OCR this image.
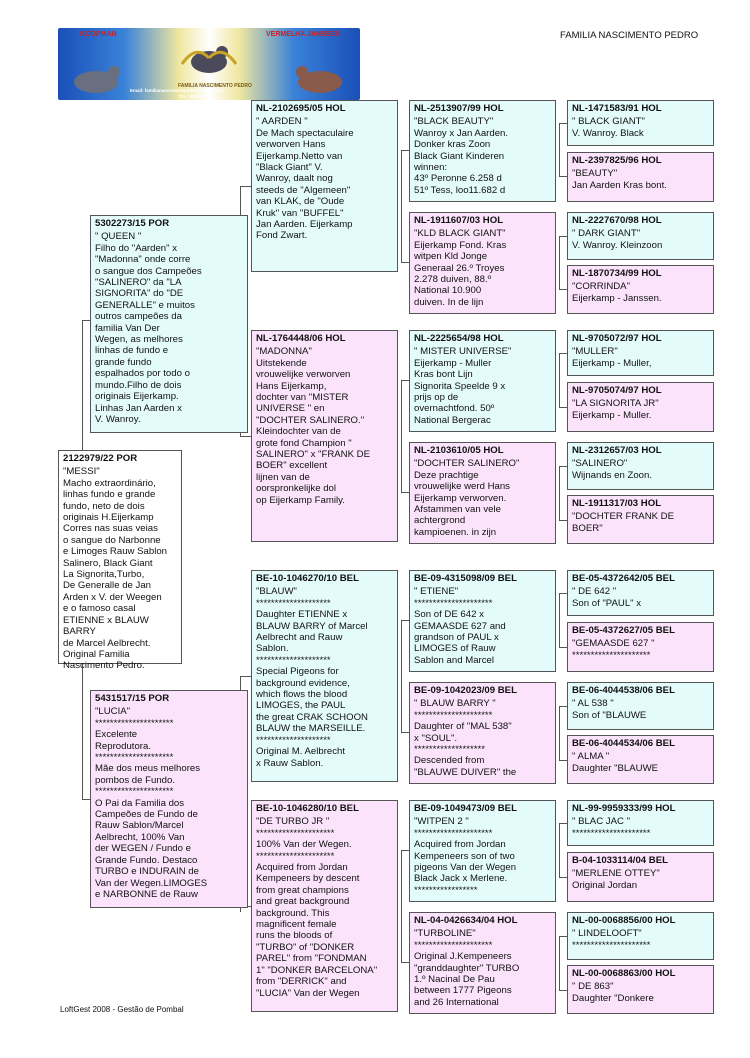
KOOPMAN	VERMELHA JANSSEN
FAMILIA NASCIMENTO PEDRO
Email: familianascimentopedro@gmail.com
TEL: 939 457 672
FAMILIA NASCIMENTO PEDRO
2122979/22 POR
"MESSI"
Macho extraordinário,
linhas fundo e grande
fundo, neto de dois
originais H.Eijerkamp
Corres nas suas veias
o sangue do Narbonne
e Limoges Rauw Sablon
Salinero, Black Giant
La Signorita,Turbo,
De Generalle de Jan
Arden x V. der Weegen
e o famoso casal
ETIENNE x BLAUW BARRY
de Marcel Aelbrecht.
Original Familia
Nascimento Pedro.
5302273/15 POR
" QUEEN "
Filho do "Aarden" x
"Madonna" onde corre
o sangue dos Campeões
"SALINERO" da "LA
SIGNORITA" do "DE
GENERALLE" e muitos
outros campeões da
familia Van Der
Wegen, as melhores
linhas de fundo e
grande fundo
espalhados por todo o
mundo.Filho de dois
originais Eijerkamp.
Linhas Jan Aarden x
V. Wanroy.
5431517/15 POR
"LUCIA"
*********************
Excelente
Reprodutora.
*********************
Mãe dos meus melhores
pombos de Fundo.
*********************
O Pai da Familia dos
Campeões de Fundo de
Rauw Sablon/Marcel
Aelbrecht, 100% Van
der WEGEN / Fundo e
Grande Fundo. Destaco
TURBO e INDURAIN de
Van der Wegen.LIMOGES
e NARBONNE de Rauw
NL-2102695/05 HOL
" AARDEN "
De Mach spectaculaire
verworven Hans
Eijerkamp.Netto van
"Black Giant" V.
Wanroy, daalt nog
steeds de "Algemeen"
van KLAK, de "Oude
Kruk" van "BUFFEL"
Jan Aarden. Eijerkamp
Fond Zwart.
NL-1764448/06 HOL
"MADONNA"
Uitstekende
vrouwelijke verworven
Hans Eijerkamp,
dochter van "MISTER
UNIVERSE " en
"DOCHTER SALINERO."
Kleindochter van de
grote fond Champion "
SALINERO" x "FRANK DE
BOER" excellent
lijnen van de
oorspronkelijke dol
op Eijerkamp Family.
BE-10-1046270/10 BEL
"BLAUW"
********************
Daughter ETIENNE x
BLAUW BARRY of Marcel
Aelbrecht and Rauw
Sablon.
********************
Special Pigeons for
background evidence,
which flows the blood
LIMOGES, the PAUL
the great CRAK SCHOON
BLAUW the MARSEILLE.
********************
Original M. Aelbrecht
x Rauw Sablon.
BE-10-1046280/10 BEL
"DE TURBO JR "
*********************
100% Van der Wegen.
*********************
Acquired from Jordan
Kempeneers by descent
from great champions
and great background
background. This
magnificent female
runs the bloods of
"TURBO" of "DONKER
PAREL" from "FONDMAN
1" "DONKER BARCELONA"
from "DERRICK" and
"LUCIA" Van der Wegen
NL-2513907/99 HOL
"BLACK BEAUTY"
Wanroy x Jan Aarden.
Donker kras Zoon
Black Giant Kinderen
winnen:
43º Peronne 6.258 d
51º Tess, loo11.682 d
NL-1911607/03 HOL
"KLD BLACK GIANT"
Eijerkamp Fond. Kras
witpen Kld Jonge
Generaal 26.º Troyes
2.278 duiven, 88.º
National 10.900
duiven. In de lijn
NL-2225654/98 HOL
" MISTER UNIVERSE"
Eijerkamp - Muller
Kras bont Lijn
Signorita Speelde 9 x
prijs op de
overnachtfond. 50º
National Bergerac
NL-2103610/05 HOL
"DOCHTER SALINERO"
Deze prachtige
vrouwelijke werd Hans
Eijerkamp verworven.
Afstammen van vele
achtergrond
kampioenen. in zijn
BE-09-4315098/09 BEL
" ETIENE"
*********************
Son of DE 642 x
GEMAASDE 627 and
grandson of PAUL x
LIMOGES of Rauw
Sablon and Marcel
BE-09-1042023/09 BEL
" BLAUW BARRY "
*********************
Daughter of "MAL 538"
x "SOUL".
*******************
Descended from
"BLAUWE DUIVER" the
BE-09-1049473/09 BEL
"WITPEN 2 "
*********************
Acquired from Jordan
Kempeneers son of two
pigeons Van der Wegen
Black Jack x Merlene.
*****************
NL-04-0426634/04 HOL
"TURBOLINE"
*********************
Original J.Kempeneers
"granddaughter" TURBO
1.º Nacinal De Pau
between 1777 Pigeons
and 26 International
NL-1471583/91 HOL
" BLACK GIANT"
V. Wanroy. Black
NL-2397825/96 HOL
"BEAUTY"
Jan Aarden Kras bont.
NL-2227670/98 HOL
" DARK GIANT"
V. Wanroy. Kleinzoon
NL-1870734/99 HOL
"CORRINDA"
Eijerkamp - Janssen.
NL-9705072/97 HOL
"MULLER"
Eijerkamp - Muller,
NL-9705074/97 HOL
"LA SIGNORITA JR"
Eijerkamp - Muller.
NL-2312657/03 HOL
"SALINERO"
Wijnands en Zoon.
NL-1911317/03 HOL
"DOCHTER FRANK DE
BOER"
BE-05-4372642/05 BEL
" DE 642 "
Son of "PAUL" x
BE-05-4372627/05 BEL
"GEMAASDE 627 "
*********************
BE-06-4044538/06 BEL
" AL 538 "
Son of "BLAUWE
BE-06-4044534/06 BEL
" ALMA "
Daughter "BLAUWE
NL-99-9959333/99 HOL
" BLAC JAC "
*********************
B-04-1033114/04 BEL
"MERLENE OTTEY"
Original Jordan
NL-00-0068856/00 HOL
" LINDELOOFT"
*********************
NL-00-0068863/00 HOL
" DE 863"
Daughter "Donkere
LoftGest 2008 - Gestão de Pombal
